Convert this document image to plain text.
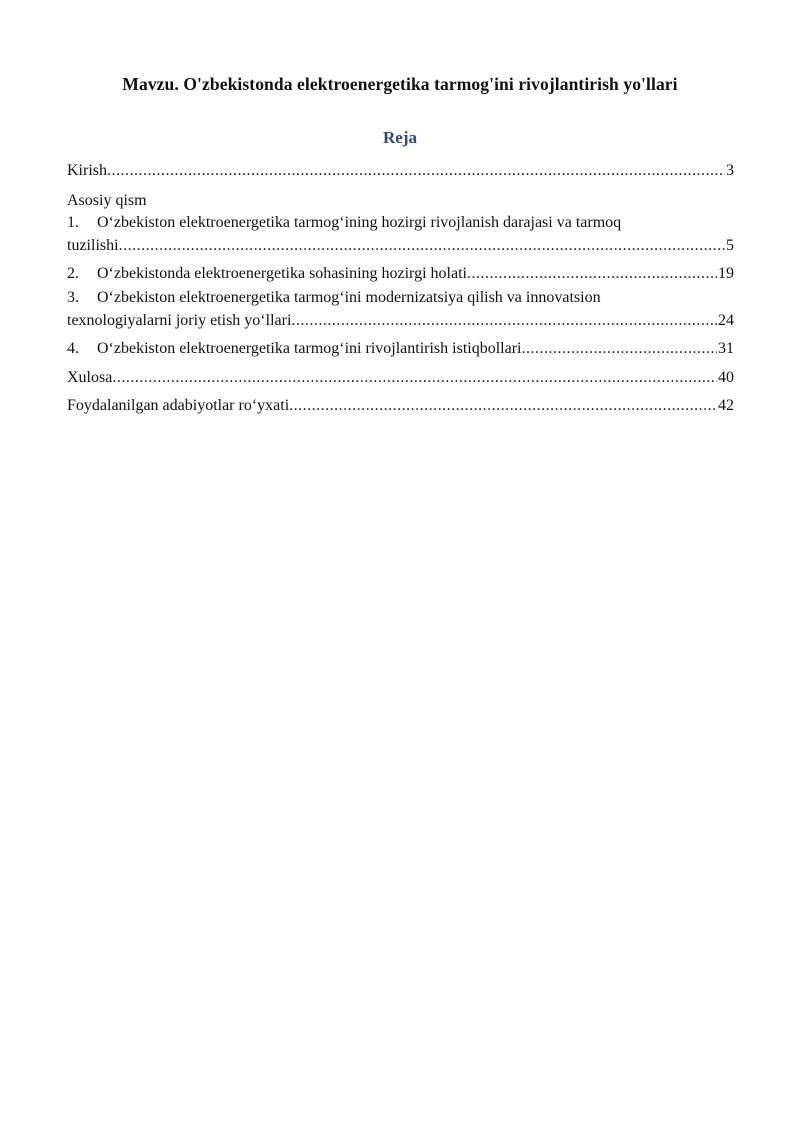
Mavzu. O'zbekistonda elektroenergetika tarmog'ini rivojlantirish yo'llari
Reja
Kirish .....	3
Asosiy qism
1. O‘zbekiston elektroenergetika tarmog‘ining hozirgi rivojlanish darajasi va tarmoq
tuzilishi .....	5
2. O‘zbekistonda elektroenergetika sohasining hozirgi holati .....	19
3. O‘zbekiston elektroenergetika tarmog‘ini modernizatsiya qilish va innovatsion
texnologiyalarni joriy etish yo‘llari .....	24
4. O‘zbekiston elektroenergetika tarmog‘ini rivojlantirish istiqbollari .....	31
Xulosa .....	40
Foydalanilgan adabiyotlar ro‘yxati .....	42
